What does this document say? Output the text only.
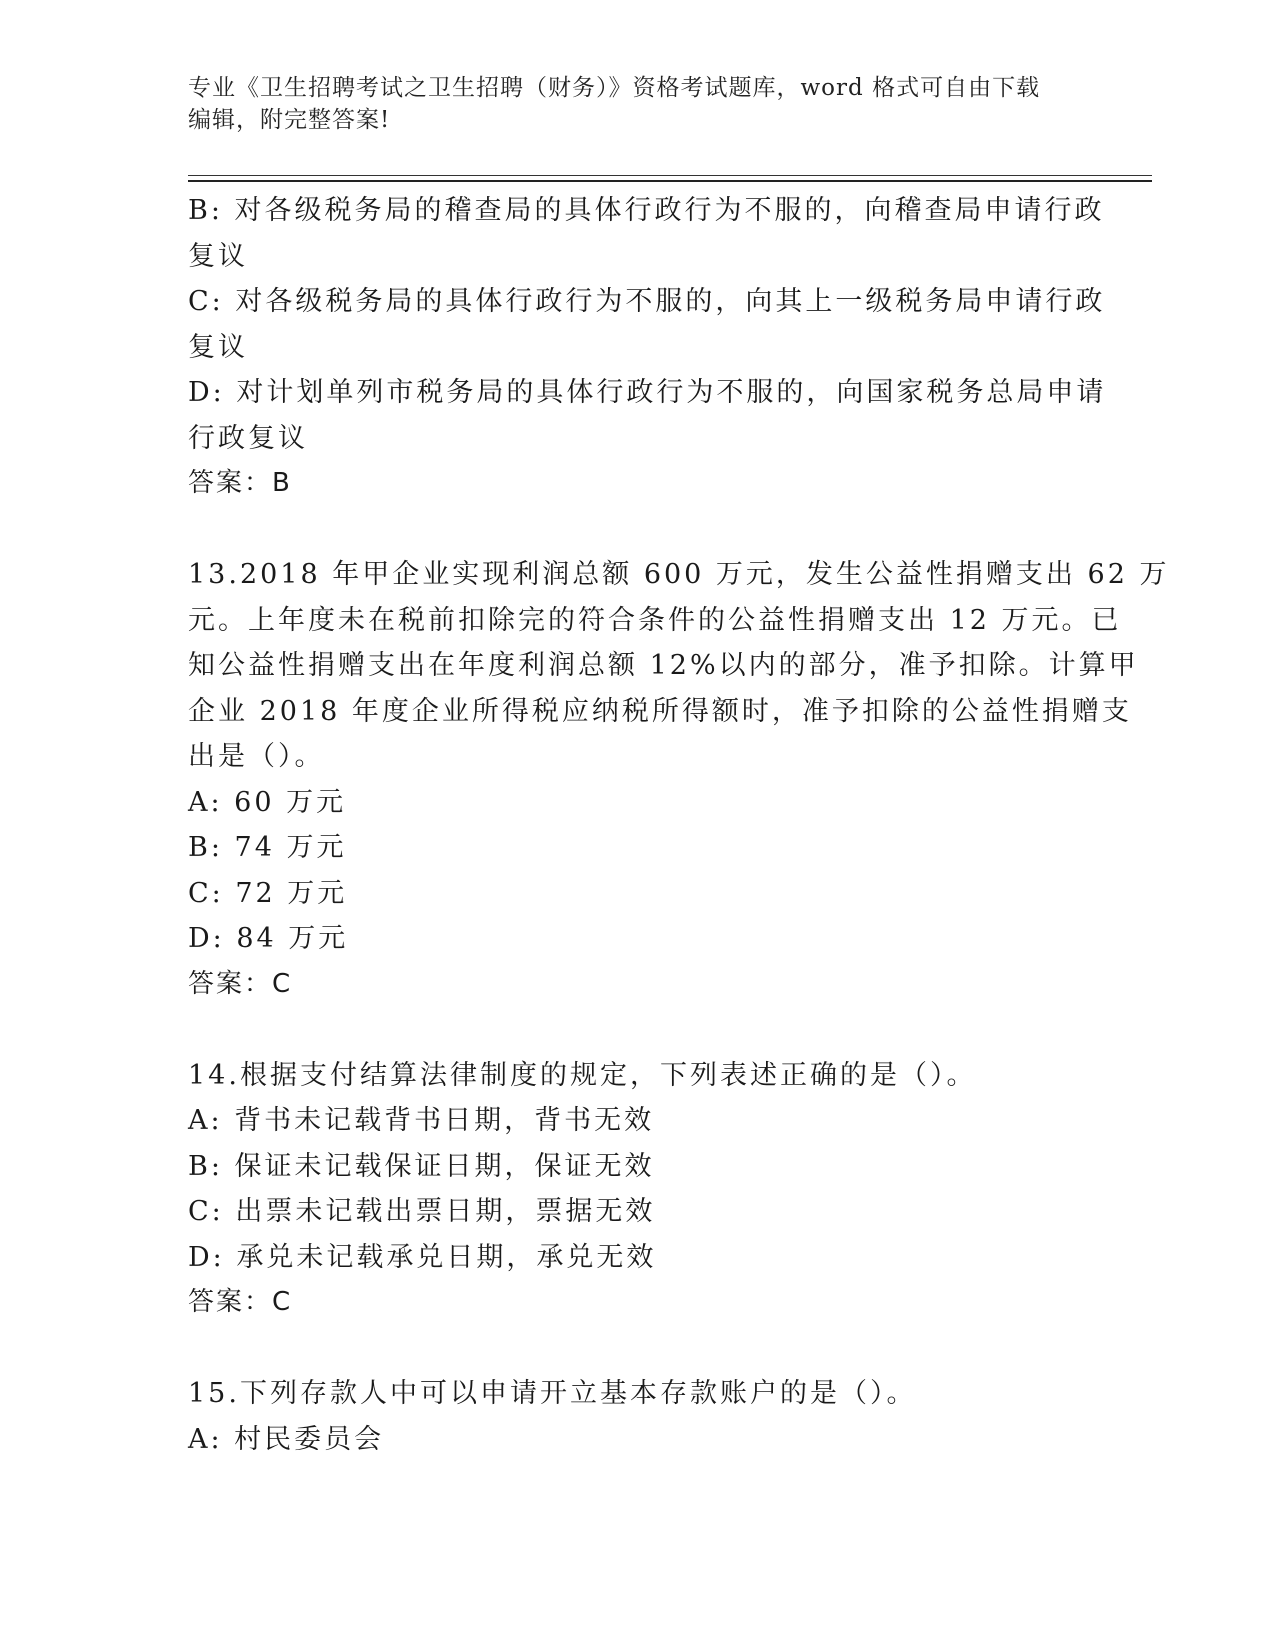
专业《卫生招聘考试之卫生招聘（财务）》资格考试题库，word 格式可自由下载
编辑，附完整答案!
B: 对各级税务局的稽查局的具体行政行为不服的，向稽查局申请行政
复议
C: 对各级税务局的具体行政行为不服的，向其上一级税务局申请行政
复议
D: 对计划单列市税务局的具体行政行为不服的，向国家税务总局申请
行政复议
答案：B
13.2018 年甲企业实现利润总额 600 万元，发生公益性捐赠支出 62 万
元。上年度未在税前扣除完的符合条件的公益性捐赠支出 12 万元。已
知公益性捐赠支出在年度利润总额 12%以内的部分，准予扣除。计算甲
企业 2018 年度企业所得税应纳税所得额时，准予扣除的公益性捐赠支
出是（）。
A: 60 万元
B: 74 万元
C: 72 万元
D: 84 万元
答案：C
14.根据支付结算法律制度的规定，下列表述正确的是（）。
A: 背书未记载背书日期，背书无效
B: 保证未记载保证日期，保证无效
C: 出票未记载出票日期，票据无效
D: 承兑未记载承兑日期，承兑无效
答案：C
15.下列存款人中可以申请开立基本存款账户的是（）。
A: 村民委员会
